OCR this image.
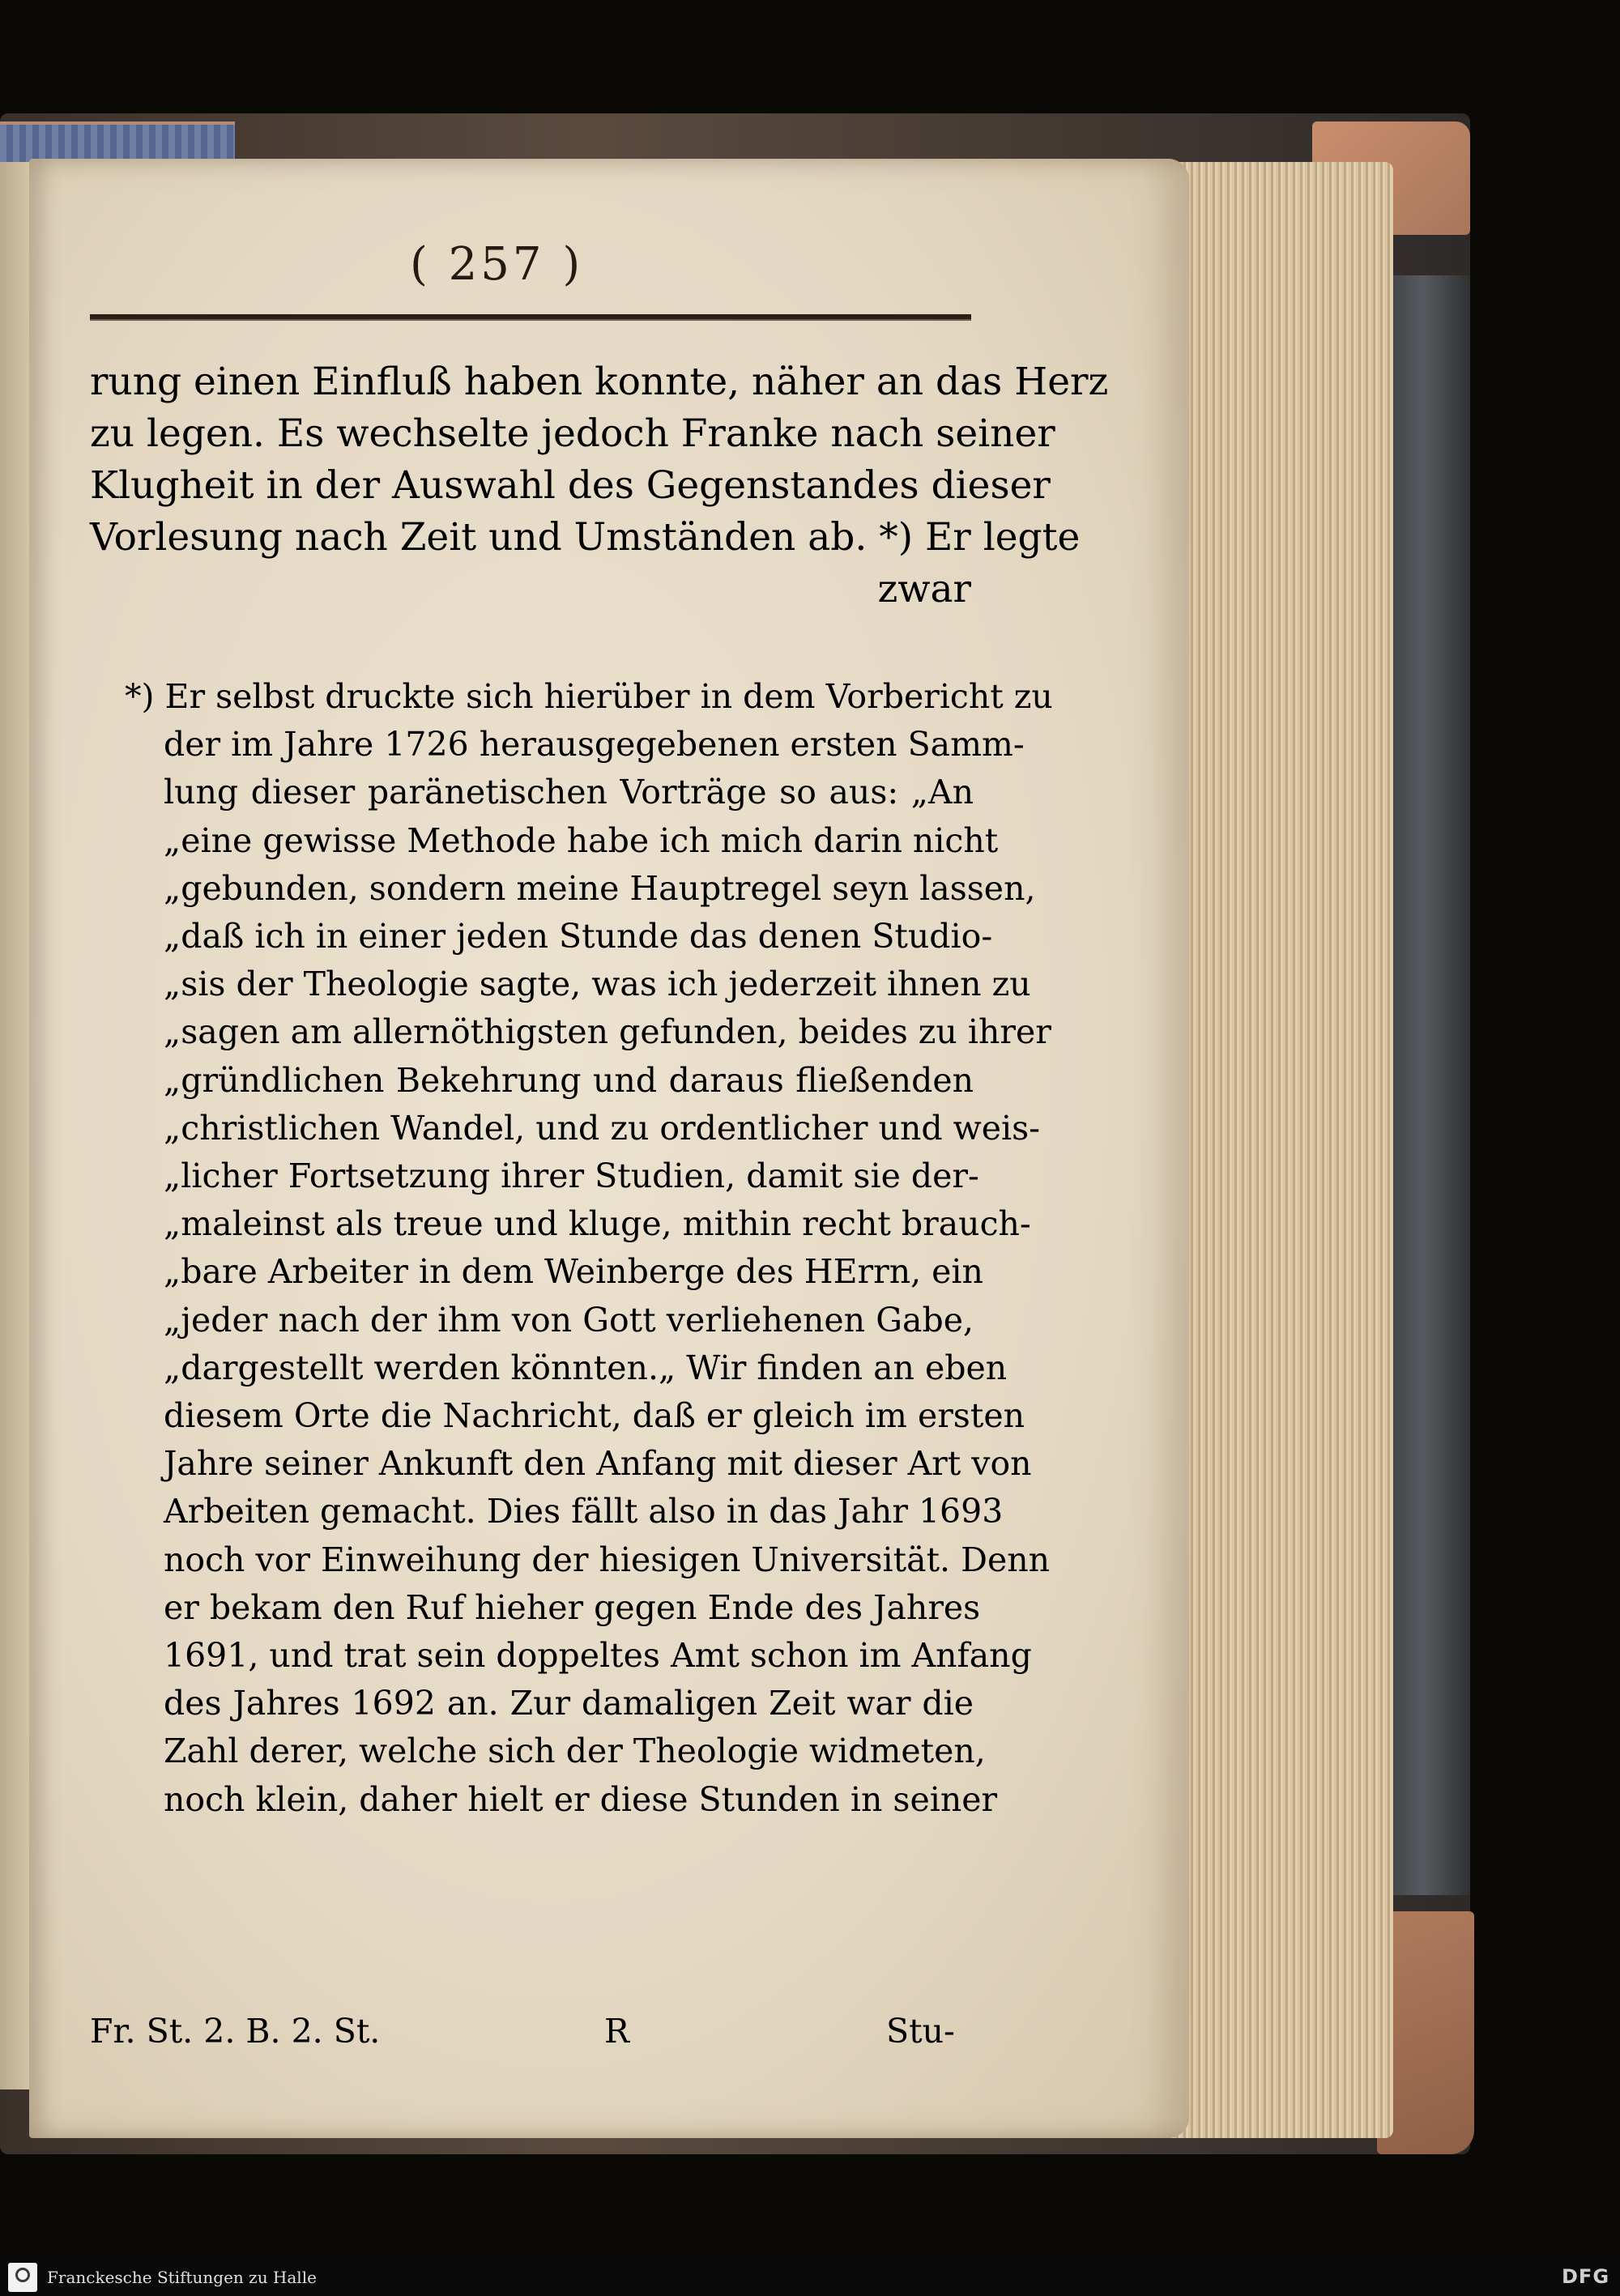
( 257 )
rung einen Einfluß haben konnte, näher an das Herz
zu legen. Es wechselte jedoch Franke nach seiner
Klugheit in der Auswahl des Gegenstandes dieser
Vorlesung nach Zeit und Umständen ab. *) Er legte
zwar
*) Er selbst druckte sich hierüber in dem Vorbericht zu
der im Jahre 1726 herausgegebenen ersten Samm-
lung dieser paränetischen Vorträge so aus: „An
„eine gewisse Methode habe ich mich darin nicht
„gebunden, sondern meine Hauptregel seyn lassen,
„daß ich in einer jeden Stunde das denen Studio-
„sis der Theologie sagte, was ich jederzeit ihnen zu
„sagen am allernöthigsten gefunden, beides zu ihrer
„gründlichen Bekehrung und daraus fließenden
„christlichen Wandel, und zu ordentlicher und weis-
„licher Fortsetzung ihrer Studien, damit sie der-
„maleinst als treue und kluge, mithin recht brauch-
„bare Arbeiter in dem Weinberge des HErrn, ein
„jeder nach der ihm von Gott verliehenen Gabe,
„dargestellt werden könnten.„ Wir finden an eben
diesem Orte die Nachricht, daß er gleich im ersten
Jahre seiner Ankunft den Anfang mit dieser Art von
Arbeiten gemacht. Dies fällt also in das Jahr 1693
noch vor Einweihung der hiesigen Universität. Denn
er bekam den Ruf hieher gegen Ende des Jahres
1691, und trat sein doppeltes Amt schon im Anfang
des Jahres 1692 an. Zur damaligen Zeit war die
Zahl derer, welche sich der Theologie widmeten,
noch klein, daher hielt er diese Stunden in seiner
Fr. St. 2. B. 2. St.	R	Stu-
Franckesche Stiftungen zu Halle	DFG
